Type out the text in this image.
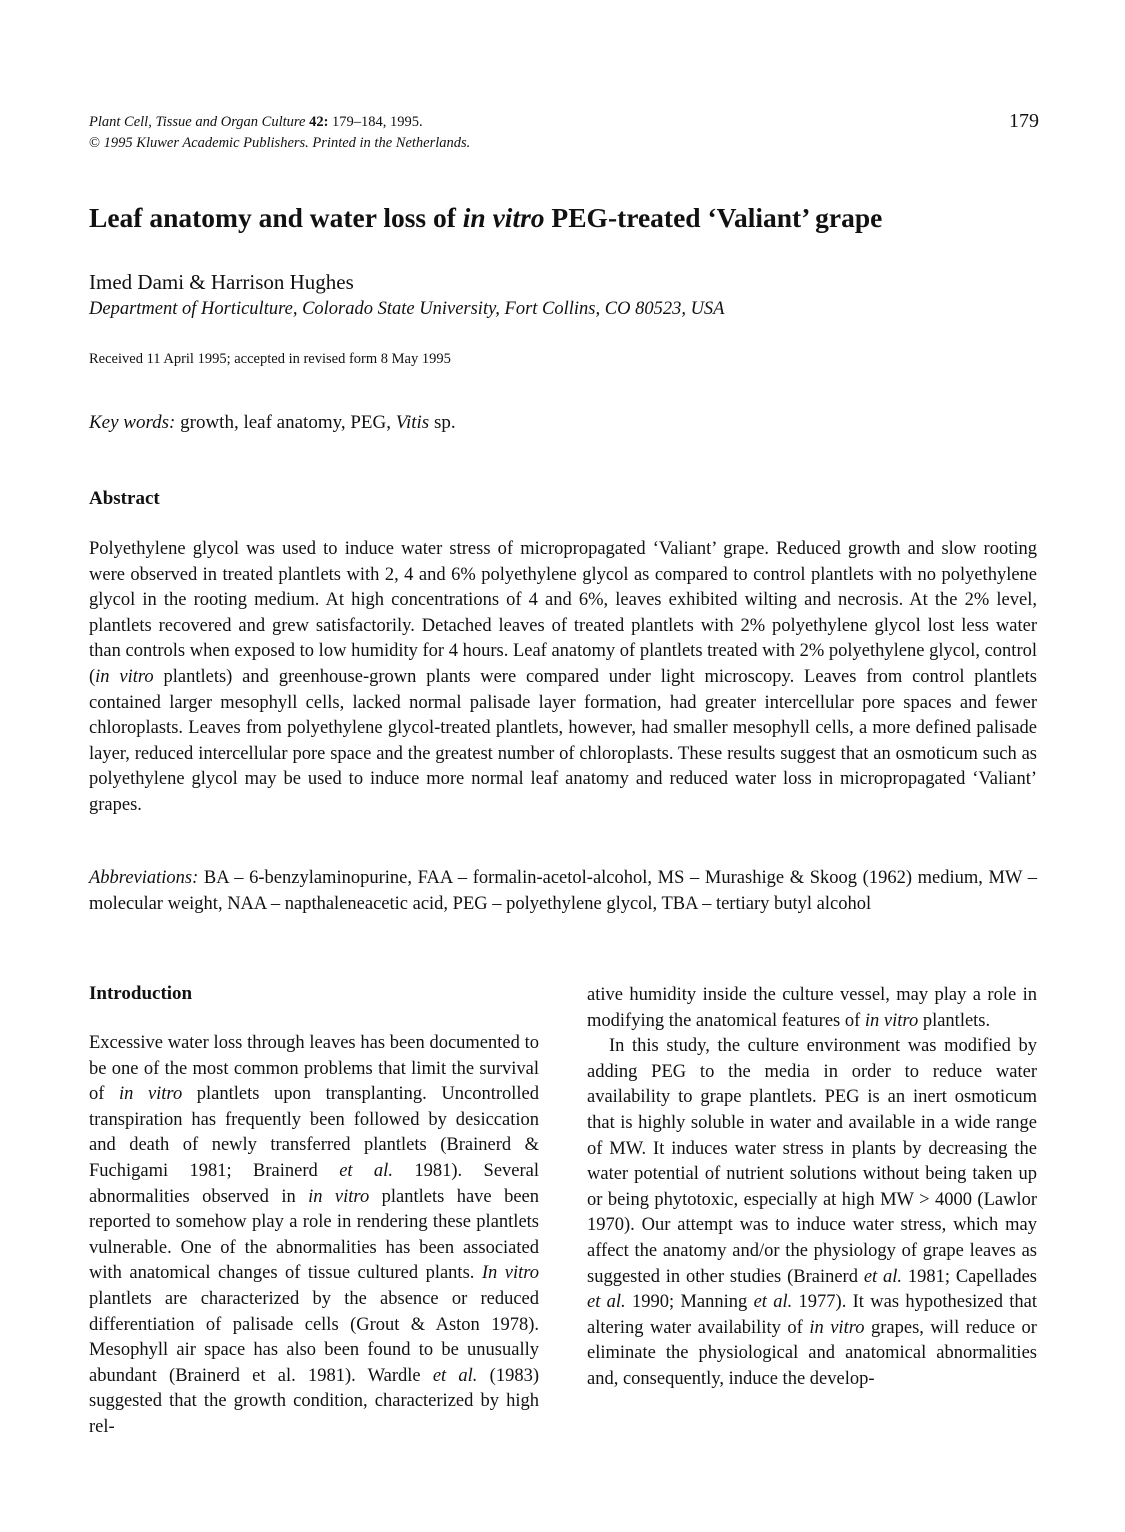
Plant Cell, Tissue and Organ Culture 42: 179–184, 1995.
© 1995 Kluwer Academic Publishers. Printed in the Netherlands.
179
Leaf anatomy and water loss of in vitro PEG-treated ‘Valiant’ grape
Imed Dami & Harrison Hughes
Department of Horticulture, Colorado State University, Fort Collins, CO 80523, USA
Received 11 April 1995; accepted in revised form 8 May 1995
Key words: growth, leaf anatomy, PEG, Vitis sp.
Abstract
Polyethylene glycol was used to induce water stress of micropropagated ‘Valiant’ grape. Reduced growth and slow rooting were observed in treated plantlets with 2, 4 and 6% polyethylene glycol as compared to control plantlets with no polyethylene glycol in the rooting medium. At high concentrations of 4 and 6%, leaves exhibited wilting and necrosis. At the 2% level, plantlets recovered and grew satisfactorily. Detached leaves of treated plantlets with 2% polyethylene glycol lost less water than controls when exposed to low humidity for 4 hours. Leaf anatomy of plantlets treated with 2% polyethylene glycol, control (in vitro plantlets) and greenhouse-grown plants were compared under light microscopy. Leaves from control plantlets contained larger mesophyll cells, lacked normal palisade layer formation, had greater intercellular pore spaces and fewer chloroplasts. Leaves from polyethylene glycol-treated plantlets, however, had smaller mesophyll cells, a more defined palisade layer, reduced intercellular pore space and the greatest number of chloroplasts. These results suggest that an osmoticum such as polyethylene glycol may be used to induce more normal leaf anatomy and reduced water loss in micropropagated ‘Valiant’ grapes.
Abbreviations: BA – 6-benzylaminopurine, FAA – formalin-acetol-alcohol, MS – Murashige & Skoog (1962) medium, MW – molecular weight, NAA – napthaleneacetic acid, PEG – polyethylene glycol, TBA – tertiary butyl alcohol
Introduction

Excessive water loss through leaves has been documented to be one of the most common problems that limit the survival of in vitro plantlets upon transplanting. Uncontrolled transpiration has frequently been followed by desiccation and death of newly transferred plantlets (Brainerd & Fuchigami 1981; Brainerd et al. 1981). Several abnormalities observed in in vitro plantlets have been reported to somehow play a role in rendering these plantlets vulnerable. One of the abnormalities has been associated with anatomical changes of tissue cultured plants. In vitro plantlets are characterized by the absence or reduced differentiation of palisade cells (Grout & Aston 1978). Mesophyll air space has also been found to be unusually abundant (Brainerd et al. 1981). Wardle et al. (1983) suggested that the growth condition, characterized by high rel-

ative humidity inside the culture vessel, may play a role in modifying the anatomical features of in vitro plantlets.

In this study, the culture environment was modified by adding PEG to the media in order to reduce water availability to grape plantlets. PEG is an inert osmoticum that is highly soluble in water and available in a wide range of MW. It induces water stress in plants by decreasing the water potential of nutrient solutions without being taken up or being phytotoxic, especially at high MW > 4000 (Lawlor 1970). Our attempt was to induce water stress, which may affect the anatomy and/or the physiology of grape leaves as suggested in other studies (Brainerd et al. 1981; Capellades et al. 1990; Manning et al. 1977). It was hypothesized that altering water availability of in vitro grapes, will reduce or eliminate the physiological and anatomical abnormalities and, consequently, induce the develop-
